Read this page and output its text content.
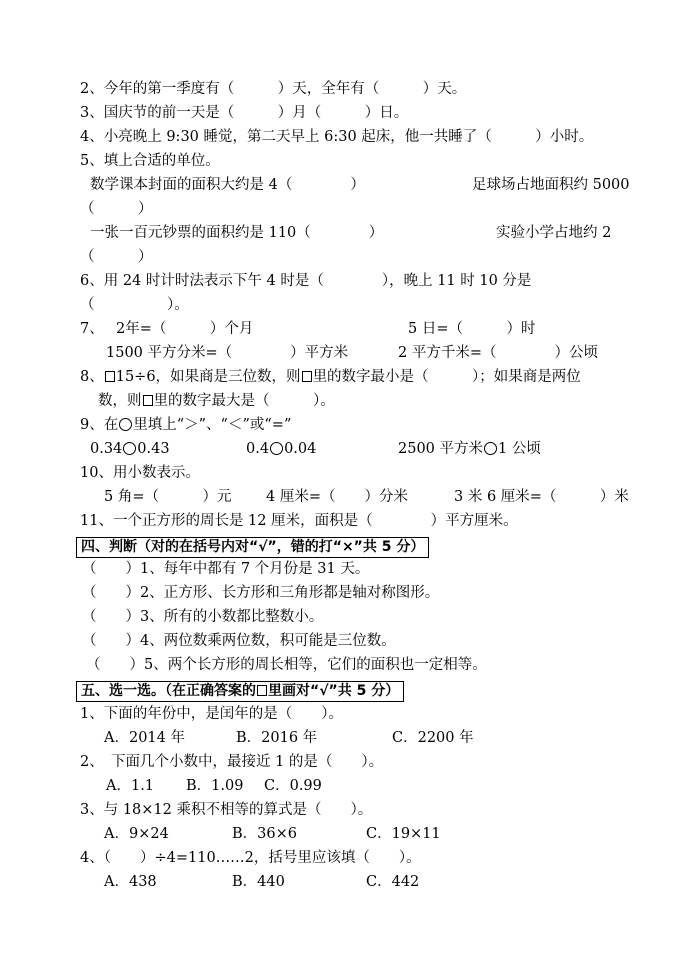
2、今年的第一季度有（　　　）天，全年有（　　　）天。
3、国庆节的前一天是（　　　）月（　　　）日。
4、小亮晚上 9:30 睡觉，第二天早上 6:30 起床，他一共睡了（　　　）小时。
5、填上合适的单位。
数学课本封面的面积大约是 4（　　　　）	足球场占地面积约 5000
（　　　）
一张一百元钞票的面积约是 110（　　　　）	实验小学占地约 2
（　　　）
6、用 24 时计时法表示下午 4 时是（　　　　），晚上 11 时 10 分是
（　　　　　）。
7、 2年=（　　　）个月	5 日=（　　　）时
1500 平方分米=（　　　　）平方米	2 平方千米=（　　　　）公顷
8、 15÷6，如果商是三位数，则 里的数字最小是（　　　）；如果商是两位
数，则 里的数字最大是（　　　）。
9、在 里填上“＞”、“＜”或“=”
0.34 0.43	0.4 0.04	2500 平方米 1 公顷
10、用小数表示。
5 角=（　　　）元 4 厘米=（　　）分米	3 米 6 厘米=（　　　）米
11、一个正方形的周长是 12 厘米，面积是（　　　　）平方厘米。
四、判断（对的在括号内对“√”，错的打“×”共 5 分）
（　　）1、每年中都有 7 个月份是 31 天。
（　　）2、正方形、长方形和三角形都是轴对称图形。
（　　）3、所有的小数都比整数小。
（　　）4、两位数乘两位数，积可能是三位数。
（　　）5、两个长方形的周长相等，它们的面积也一定相等。
五、选一选。（在正确答案的 里画对“√”共 5 分）
1、下面的年份中，是闰年的是（　　）。
A．2014 年	B．2016 年	C．2200 年
2、　下面几个小数中，最接近 1 的是（　　）。
A．1.1 B．1.09 C．0.99
3、与 18×12 乘积不相等的算式是（　　）。
A．9×24	B．36×6	C．19×11
4、（　　）÷4=110……2，括号里应该填（　　）。
A．438	B．440	C．442
